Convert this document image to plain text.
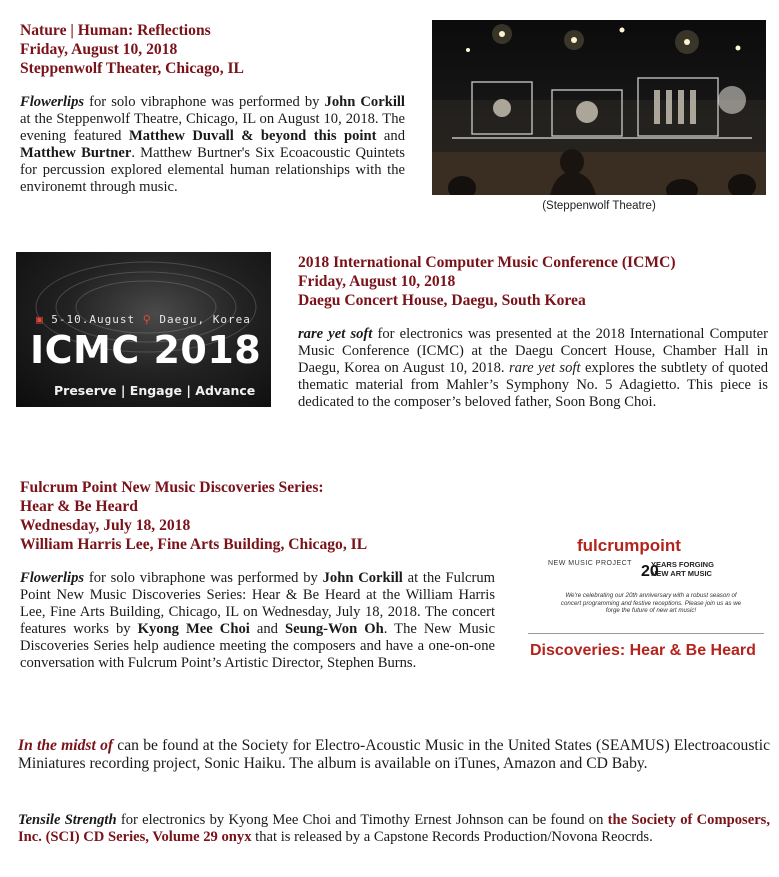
Nature | Human: Reflections

Friday, August 10, 2018

Steppenwolf Theater, Chicago, IL

Flowerlips for solo vibraphone was performed by John Corkill at the Steppenwolf Theatre, Chicago, IL on August 10, 2018. The evening featured Matthew Duvall & beyond this point and Matthew Burtner. Matthew Burtner's Six Ecoacoustic Quintets for percussion explored elemental human relationships with the environemt through music.

(Steppenwolf Theatre)
▣ 5-10.August ⚲ Daegu, Korea
ICMC 2018
Preserve | Engage | Advance

2018 International Computer Music Conference (ICMC)

Friday, August 10, 2018

Daegu Concert House, Daegu, South Korea

rare yet soft for electronics was presented at the 2018 International Computer Music Conference (ICMC) at the Daegu Concert House, Chamber Hall in Daegu, Korea on August 10, 2018. rare yet soft explores the subtlety of quoted thematic material from Mahler’s Symphony No. 5 Adagietto. This piece is dedicated to the composer’s beloved father, Soon Bong Choi.

Fulcrum Point New Music Discoveries Series:

Hear & Be Heard

Wednesday, July 18, 2018

William Harris Lee, Fine Arts Building, Chicago, IL

Flowerlips for solo vibraphone was performed by John Corkill at the Fulcrum Point New Music Discoveries Series: Hear & Be Heard at the William Harris Lee, Fine Arts Building, Chicago, IL on Wednesday, July 18, 2018. The concert features works by Kyong Mee Choi and Seung-Won Oh. The New Music Discoveries Series help audience meeting the composers and have a one-on-one conversation with Fulcrum Point’s Artistic Director, Stephen Burns.

fulcrumpoint
NEW MUSIC PROJECT 20
YEARS FORGING
NEW ART MUSIC
We're celebrating our 20th anniversary with a robust season of concert programming and festive receptions. Please join us as we forge the future of new art music!
Discoveries: Hear & Be Heard

In the midst of can be found at the Society for Electro-Acoustic Music in the United States (SEAMUS) Electroacoustic Miniatures recording project, Sonic Haiku. The album is available on iTunes, Amazon and CD Baby.

Tensile Strength for electronics by Kyong Mee Choi and Timothy Ernest Johnson can be found on the Society of Composers, Inc. (SCI) CD Series, Volume 29 onyx that is released by a Capstone Records Production/Novona Reocrds.
